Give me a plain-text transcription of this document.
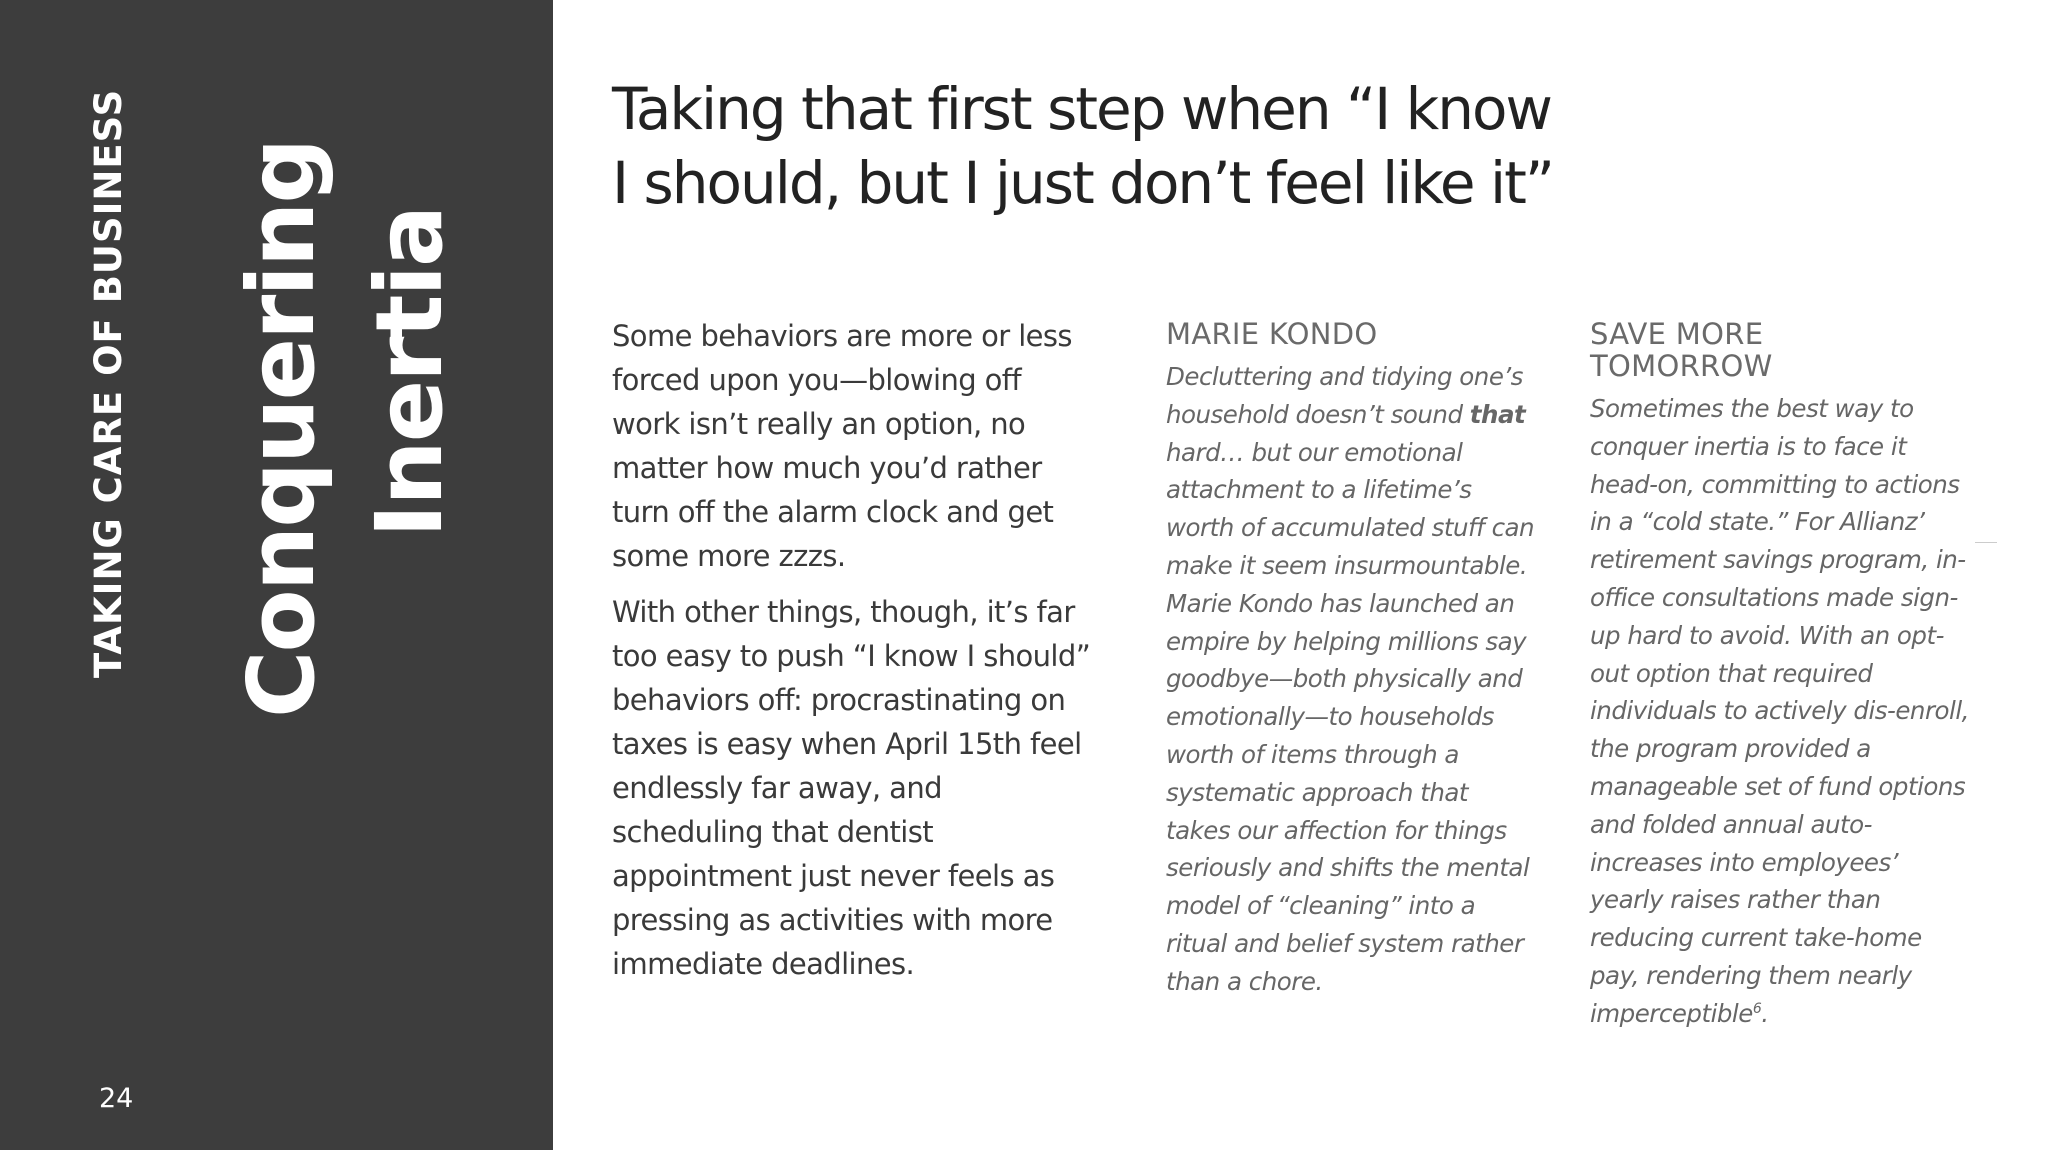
TAKING CARE OF BUSINESS Conquering Inertia
24
Taking that first step when “I know
I should, but I just don’t feel like it”

Some behaviors are more or less forced upon you—blowing off work isn’t really an option, no matter how much you’d rather turn off the alarm clock and get some more zzzs.

With other things, though, it’s far too easy to push “I know I should” behaviors off: procrastinating on taxes is easy when April 15th feel endlessly far away, and scheduling that dentist appointment just never feels as pressing as activities with more immediate deadlines.

MARIE KONDO

Decluttering and tidying one’s household doesn’t sound that hard… but our emotional attachment to a lifetime’s worth of accumulated stuff can make it seem insurmountable. Marie Kondo has launched an empire by helping millions say goodbye—both physically and emotionally—to households worth of items through a systematic approach that takes our affection for things seriously and shifts the mental model of “cleaning” into a ritual and belief system rather than a chore.

SAVE MORE
TOMORROW

Sometimes the best way to conquer inertia is to face it head-on, committing to actions in a “cold state.” For Allianz’ retirement savings program, in-office consultations made sign-up hard to avoid. With an opt-out option that required individuals to actively dis-enroll, the program provided a manageable set of fund options and folded annual auto-increases into employees’ yearly raises rather than reducing current take-home pay, rendering them nearly imperceptible$^6$.
